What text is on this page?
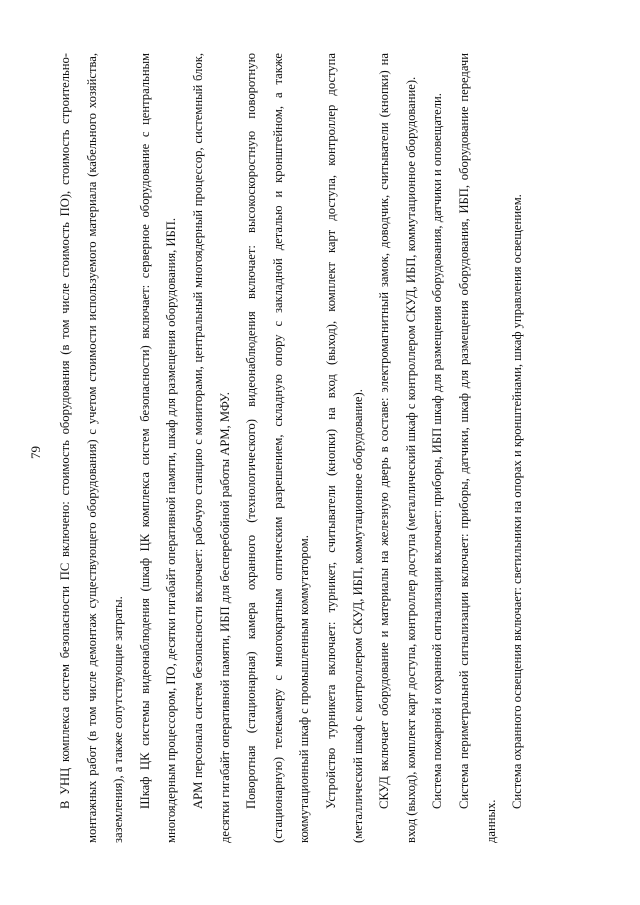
79	В УНЦ комплекса систем безопасности ПС включено: стоимость оборудования (в том числе стоимость ПО), стоимость строительно-монтажных работ (в том числе демонтаж существующего оборудования) с учетом стоимости используемого материала (кабельного хозяйства, заземления), а также сопутствующие затраты. Шкаф ЦК системы видеонаблюдения (шкаф ЦК комплекса систем безопасности) включает: серверное оборудование с центральным многоядерным процессором, ПО, десятки гигабайт оперативной памяти, шкаф для размещения оборудования, ИБП. АРМ персонала систем безопасности включает: рабочую станцию с мониторами, центральный многоядерный процессор, системный блок, десятки гигабайт оперативной памяти, ИБП для бесперебойной работы АРМ, МФУ. Поворотная (стационарная) камера охранного (технологического) видеонаблюдения включает: высокоскоростную поворотную (стационарную) телекамеру с многократным оптическим разрешением, складную опору с закладной деталью и кронштейном, а также коммутационный шкаф с промышленным коммутатором. Устройство турникета включает: турникет, считыватели (кнопки) на вход (выход), комплект карт доступа, контроллер доступа (металлический шкаф с контроллером СКУД, ИБП, коммутационное оборудование). СКУД включает оборудование и материалы на железную дверь в составе: электромагнитный замок, доводчик, считыватели (кнопки) на вход (выход), комплект карт доступа, контроллер доступа (металлический шкаф с контроллером СКУД, ИБП, коммутационное оборудование). Система пожарной и охранной сигнализации включает: приборы, ИБП шкаф для размещения оборудования, датчики и оповещатели. Система периметральной сигнализации включает: приборы, датчики, шкаф для размещения оборудования, ИБП, оборудование передачи данных.

Система охранного освещения включает: светильники на опорах и кронштейнами, шкаф управления освещением.
